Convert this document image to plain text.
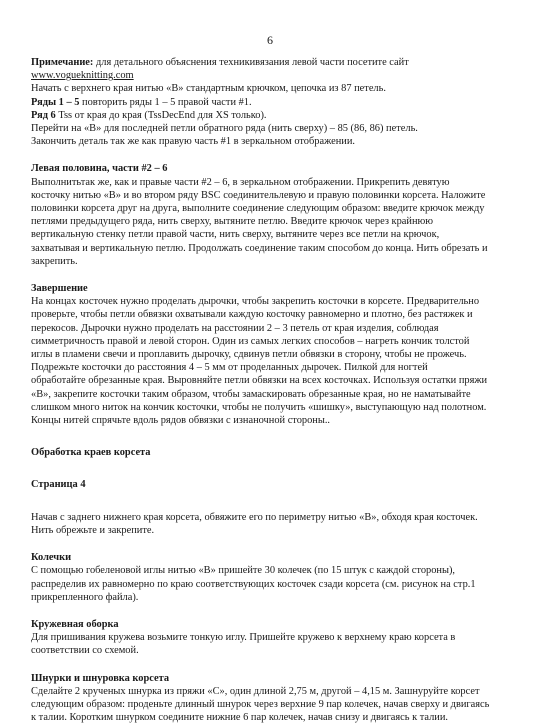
6

Примечание: для детального объяснения техникивязания левой части посетите сайт

www.vogueknitting.com

Начать с верхнего края нитью «В» стандартным крючком, цепочка из 87 петель.

Ряды 1 – 5 повторить ряды 1 – 5 правой части #1.

Ряд 6 Tss от края до края (TssDecEnd для XS только).

Перейти на «В» для последней петли обратного ряда (нить сверху) – 85 (86, 86) петель.

Закончить деталь так же как правую часть #1 в зеркальном отображении.

Левая половина, части #2 – 6

Выполнитьтак же, как и правые части #2 – 6, в зеркальном отображении. Прикрепить девятую

косточку нитью «В» и во втором ряду BSC соединительлевую и правую половинки корсета. Наложите

половинки корсета друг на друга, выполните соединение следующим образом: введите крючок между

петлями предыдущего ряда, нить сверху, вытяните петлю. Введите крючок через крайнюю

вертикальную стенку петли правой части, нить сверху, вытяните через все петли на крючок,

захватывая и вертикальную петлю. Продолжать соединение таким способом до конца. Нить обрезать и

закрепить.

Завершение

На концах косточек нужно проделать дырочки, чтобы закрепить косточки в корсете. Предварительно

проверьте, чтобы петли обвязки охватывали каждую косточку равномерно и плотно, без растяжек и

перекосов. Дырочки нужно проделать на расстоянии 2 – 3 петель от края изделия, соблюдая

симметричность правой и левой сторон. Один из самых легких способов – нагреть кончик толстой

иглы в пламени свечи и проплавить дырочку, сдвинув петли обвязки в сторону, чтобы не прожечь.

Подрежьте косточки до расстояния 4 – 5 мм от проделанных дырочек. Пилкой для ногтей

обработайте обрезанные края. Выровняйте петли обвязки на всех косточках. Используя остатки пряжи

«В», закрепите косточки таким образом, чтобы замаскировать обрезанные края, но не наматывайте

слишком много ниток на кончик косточки, чтобы не получить «шишку», выступающую над полотном.

Концы нитей спрячьте вдоль рядов обвязки с изнаночной стороны..

Обработка краев корсета

Страница 4

Начав с заднего нижнего края корсета, обвяжите его по периметру нитью «В», обходя края косточек.

Нить обрежьте и закрепите.

Колечки

С помощью гобеленовой иглы нитью «В» пришейте 30 колечек (по 15 штук с каждой стороны),

распределив их равномерно по краю соответствующих косточек сзади корсета (см. рисунок на стр.1

прикрепленного файла).

Кружевная оборка

Для пришивания кружева возьмите тонкую иглу. Пришейте кружево к верхнему краю корсета в

соответствии со схемой.

Шнурки и шнуровка корсета

Сделайте 2 крученых шнурка из пряжи «С», один длиной 2,75 м, другой – 4,15 м. Зашнуруйте корсет

следующим образом: проденьте длинный шнурок через верхние 9 пар колечек, начав сверху и двигаясь

к талии. Коротким шнурком соедините нижние 6 пар колечек, начав снизу и двигаясь к талии.
